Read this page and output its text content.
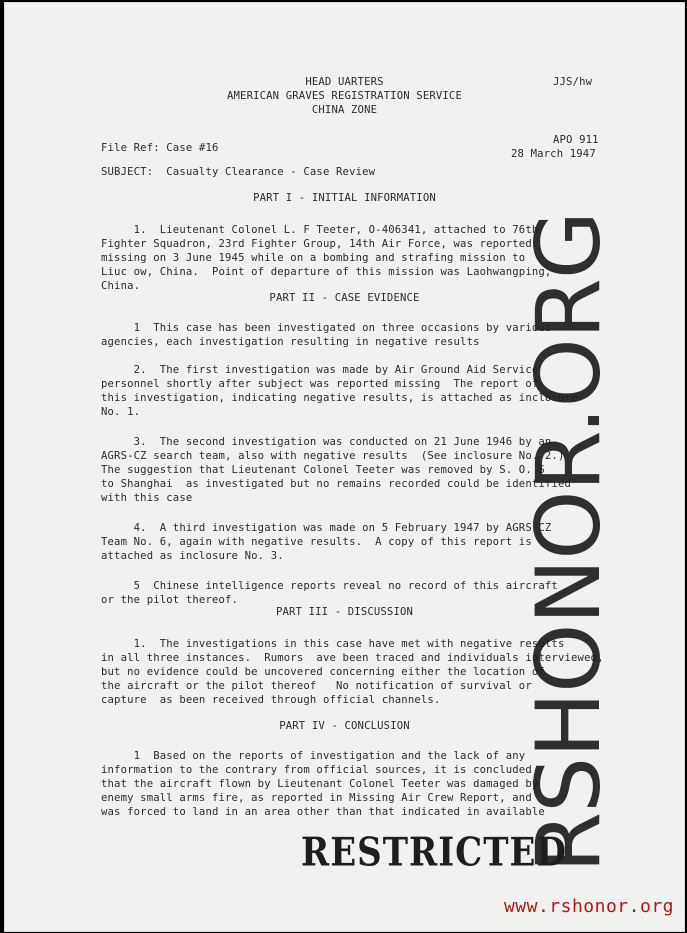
HEAD UARTERS
AMERICAN GRAVES REGISTRATION SERVICE
CHINA ZONE
JJS/hw
File Ref: Case #16
APO 911
28 March 1947
SUBJECT:  Casualty Clearance - Case Review
PART I - INITIAL INFORMATION
1.  Lieutenant Colonel L. F Teeter, O-406341, attached to 76th
Fighter Squadron, 23rd Fighter Group, 14th Air Force, was reported
missing on 3 June 1945 while on a bombing and strafing mission to
Liuc ow, China.  Point of departure of this mission was Laohwangping,
China.
PART II - CASE EVIDENCE
1  This case has been investigated on three occasions by various
agencies, each investigation resulting in negative results
2.  The first investigation was made by Air Ground Aid Service
personnel shortly after subject was reported missing  The report of
this investigation, indicating negative results, is attached as inclosure
No. 1.
3.  The second investigation was conducted on 21 June 1946 by an
AGRS-CZ search team, also with negative results  (See inclosure No. 2.)
The suggestion that Lieutenant Colonel Teeter was removed by S. O. S
to Shanghai  as investigated but no remains recorded could be identified
with this case
4.  A third investigation was made on 5 February 1947 by AGRS-CZ
Team No. 6, again with negative results.  A copy of this report is
attached as inclosure No. 3.
5  Chinese intelligence reports reveal no record of this aircraft
or the pilot thereof.
PART III - DISCUSSION
1.  The investigations in this case have met with negative results
in all three instances.  Rumors  ave been traced and individuals interviewed,
but no evidence could be uncovered concerning either the location of
the aircraft or the pilot thereof   No notification of survival or
capture  as been received through official channels.
PART IV - CONCLUSION
1  Based on the reports of investigation and the lack of any
information to the contrary from official sources, it is concluded
that the aircraft flown by Lieutenant Colonel Teeter was damaged by
enemy small arms fire, as reported in Missing Air Crew Report, and
was forced to land in an area other than that indicated in available
RESTRICTED
RSHONOR.ORG
www.rshonor.org
